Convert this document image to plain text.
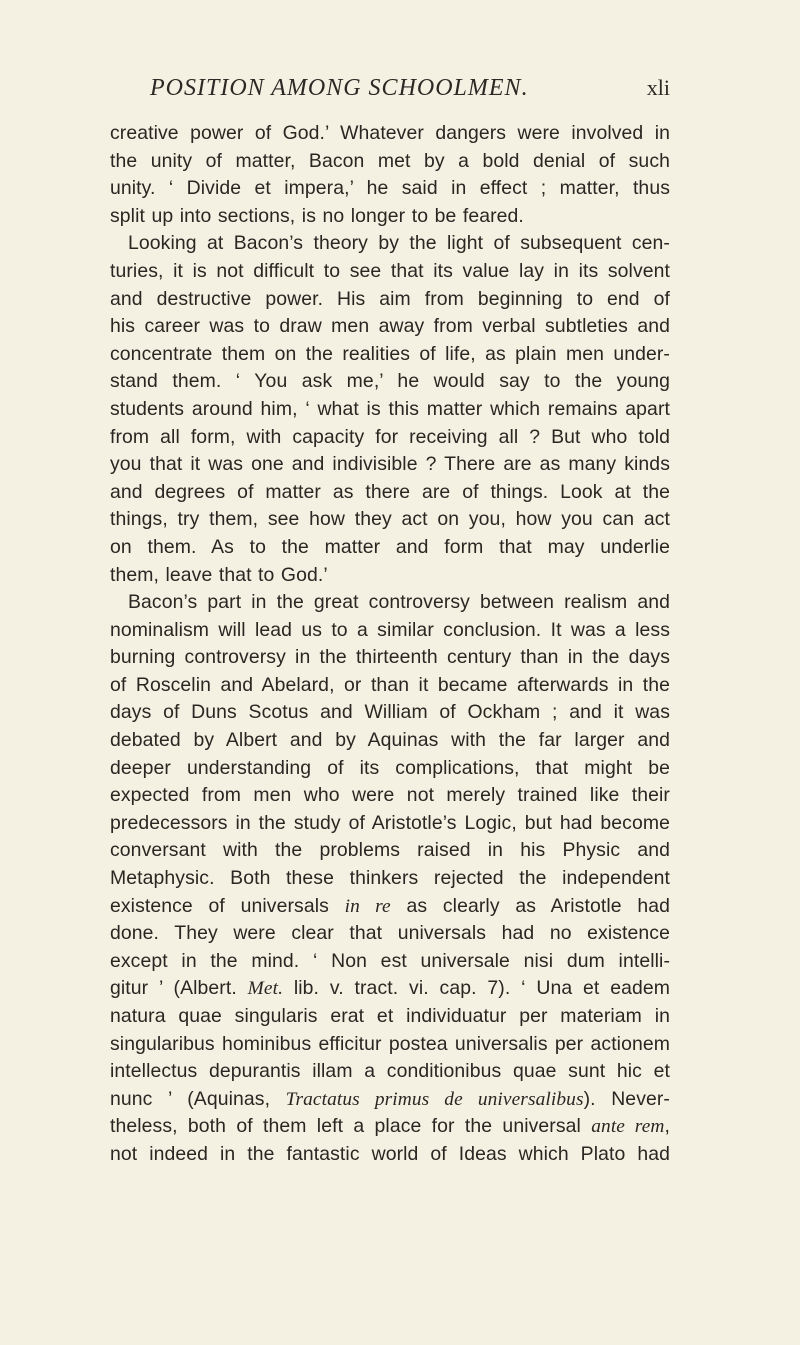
POSITION AMONG SCHOOLMEN.	xli

creative power of God.’ Whatever dangers were involved in
the unity of matter, Bacon met by a bold denial of such
unity. ‘ Divide et impera,’ he said in effect ; matter, thus
split up into sections, is no longer to be feared.

Looking at Bacon’s theory by the light of subsequent cen-
turies, it is not difficult to see that its value lay in its solvent
and destructive power. His aim from beginning to end of
his career was to draw men away from verbal subtleties and
concentrate them on the realities of life, as plain men under-
stand them. ‘ You ask me,’ he would say to the young
students around him, ‘ what is this matter which remains apart
from all form, with capacity for receiving all ? But who told
you that it was one and indivisible ? There are as many kinds
and degrees of matter as there are of things. Look at the
things, try them, see how they act on you, how you can act
on them. As to the matter and form that may underlie
them, leave that to God.’

Bacon’s part in the great controversy between realism and
nominalism will lead us to a similar conclusion. It was a less
burning controversy in the thirteenth century than in the days
of Roscelin and Abelard, or than it became afterwards in the
days of Duns Scotus and William of Ockham ; and it was
debated by Albert and by Aquinas with the far larger and
deeper understanding of its complications, that might be
expected from men who were not merely trained like their
predecessors in the study of Aristotle’s Logic, but had become
conversant with the problems raised in his Physic and
Metaphysic. Both these thinkers rejected the independent
existence of universals in re as clearly as Aristotle had
done. They were clear that universals had no existence
except in the mind. ‘ Non est universale nisi dum intelli-
gitur ’ (Albert. Met. lib. v. tract. vi. cap. 7). ‘ Una et eadem
natura quae singularis erat et individuatur per materiam in
singularibus hominibus efficitur postea universalis per actionem
intellectus depurantis illam a conditionibus quae sunt hic et
nunc ’ (Aquinas, Tractatus primus de universalibus). Never-
theless, both of them left a place for the universal ante rem,
not indeed in the fantastic world of Ideas which Plato had
